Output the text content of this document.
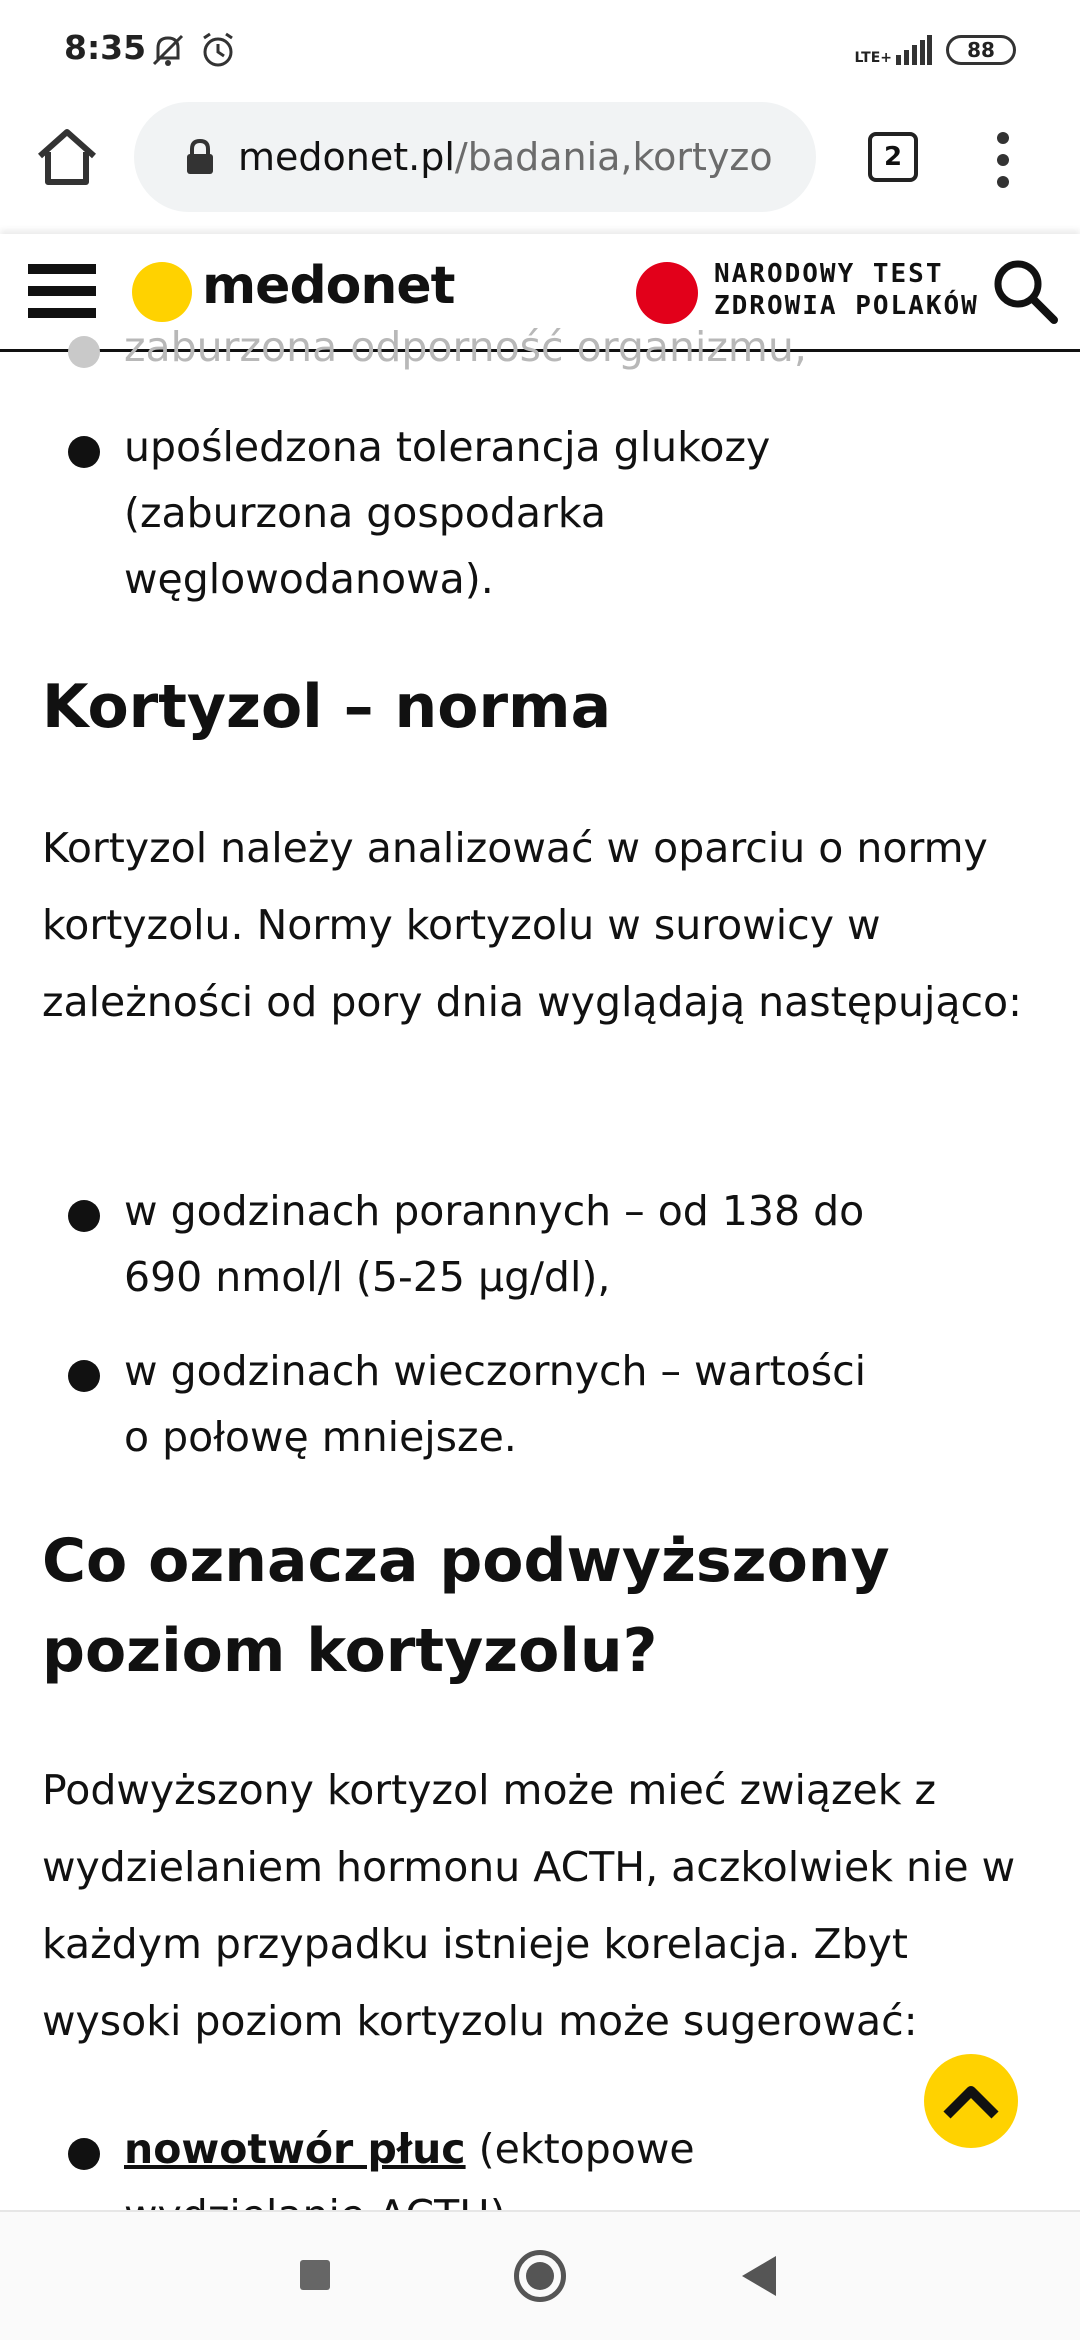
8:35	LTE+	88
medonet.pl/badania,kortyzo	2
medonet	NARODOWY TEST
ZDROWIA POLAKÓW
zaburzona odporność organizmu,
upośledzona tolerancja glukozy (zaburzona gospodarka węglowodanowa).
Kortyzol – norma
Kortyzol należy analizować w oparciu o normy kortyzolu. Normy kortyzolu w surowicy w zależności od pory dnia wyglądają następująco:
w godzinach porannych – od 138 do 690 nmol/l (5-25 μg/dl),
w godzinach wieczornych – wartości o połowę mniejsze.
Co oznacza podwyższony poziom kortyzolu?
Podwyższony kortyzol może mieć związek z wydzielaniem hormonu ACTH, aczkolwiek nie w każdym przypadku istnieje korelacja. Zbyt wysoki poziom kortyzolu może sugerować:
nowotwór płuc (ektopowe
